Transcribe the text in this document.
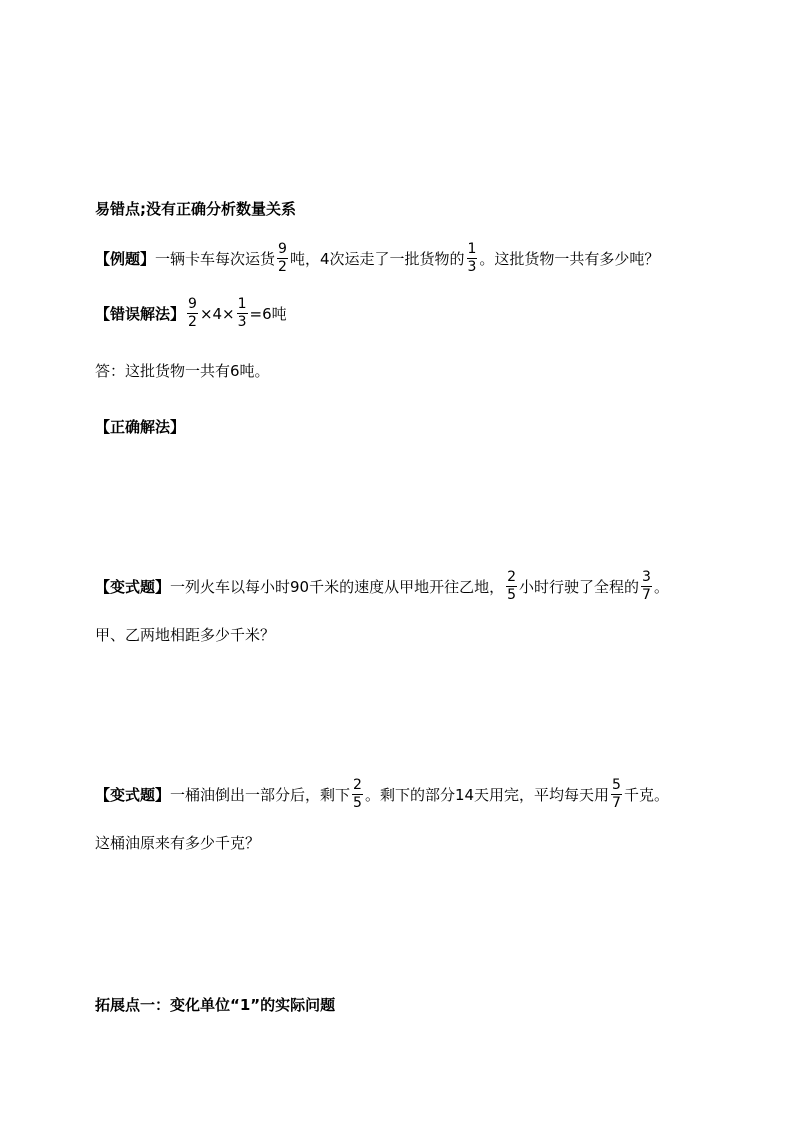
易错点;没有正确分析数量关系
【例题】 一辆卡车每次运货 $\frac{9}{2}$ 吨，4次运走了一批货物的 $\frac{1}{3}$ 。这批货物一共有多少吨？
【错误解法】 $\frac{9}{2} \times 4\times \frac{1}{3} =6$吨
答：这批货物一共有6吨。
【正确解法】
【变式题】 一列火车以每小时90千米的速度从甲地开往乙地， $\frac{2}{5}$ 小时行驶了全程的 $\frac{3}{7}$ 。
甲、乙两地相距多少千米？
【变式题】 一桶油倒出一部分后，剩下 $\frac{2}{5}$ 。剩下的部分14天用完，平均每天用 $\frac{5}{7}$ 千克。
这桶油原来有多少千克？
拓展点一：变化单位“1”的实际问题
